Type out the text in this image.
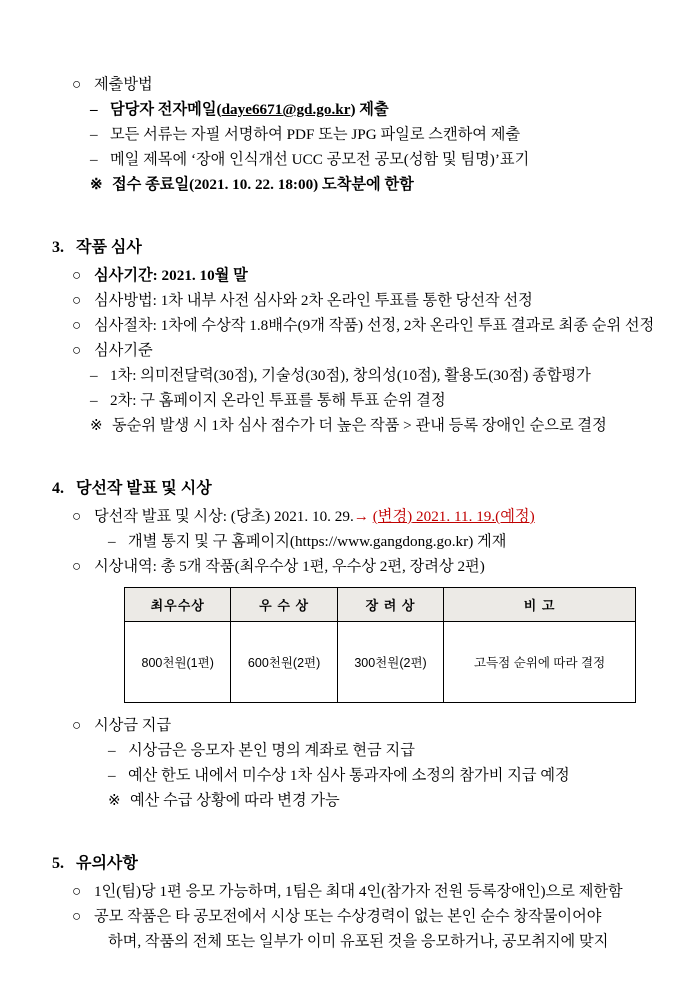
○ 제출방법
– 담당자 전자메일(daye6671@gd.go.kr) 제출
– 모든 서류는 자필 서명하여 PDF 또는 JPG 파일로 스캔하여 제출
– 메일 제목에 ‘장애 인식개선 UCC 공모전 공모(성함 및 팀명)’표기
※ 접수 종료일(2021. 10. 22. 18:00) 도착분에 한함
3. 작품 심사
○ 심사기간: 2021. 10월 말
○ 심사방법: 1차 내부 사전 심사와 2차 온라인 투표를 통한 당선작 선정
○ 심사절차: 1차에 수상작 1.8배수(9개 작품) 선정, 2차 온라인 투표 결과로 최종 순위 선정
○ 심사기준
– 1차: 의미전달력(30점), 기술성(30점), 창의성(10점), 활용도(30점) 종합평가
– 2차: 구 홈페이지 온라인 투표를 통해 투표 순위 결정
※ 동순위 발생 시 1차 심사 점수가 더 높은 작품 > 관내 등록 장애인 순으로 결정
4. 당선작 발표 및 시상
○ 당선작 발표 및 시상: (당초) 2021. 10. 29.→ (변경) 2021. 11. 19.(예정)
– 개별 통지 및 구 홈페이지(https://www.gangdong.go.kr) 게재
○ 시상내역: 총 5개 작품(최우수상 1편, 우수상 2편, 장려상 2편)
최우수상	우 수 상	장 려 상	비 고
800천원(1편)	600천원(2편)	300천원(2편)	고득점 순위에 따라 결정
○ 시상금 지급
– 시상금은 응모자 본인 명의 계좌로 현금 지급
– 예산 한도 내에서 미수상 1차 심사 통과자에 소정의 참가비 지급 예정
※ 예산 수급 상황에 따라 변경 가능
5. 유의사항
○ 1인(팀)당 1편 응모 가능하며, 1팀은 최대 4인(참가자 전원 등록장애인)으로 제한함
○ 공모 작품은 타 공모전에서 시상 또는 수상경력이 없는 본인 순수 창작물이어야
하며, 작품의 전체 또는 일부가 이미 유포된 것을 응모하거나, 공모취지에 맞지
